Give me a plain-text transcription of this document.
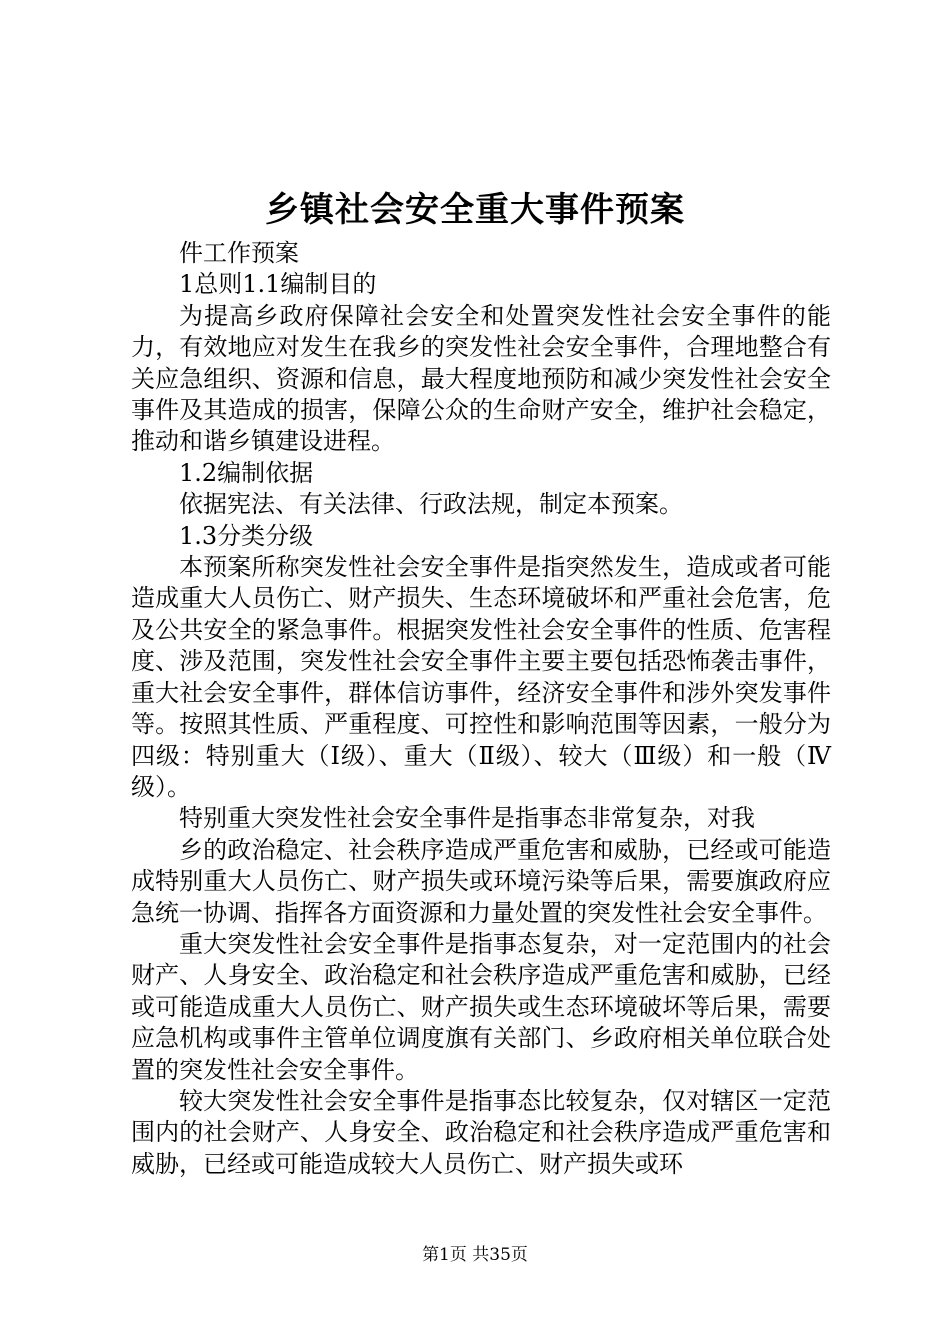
乡镇社会安全重大事件预案

件工作预案

1总则1.1编制目的

为提高乡政府保障社会安全和处置突发性社会安全事件的能力，有效地应对发生在我乡的突发性社会安全事件，合理地整合有关应急组织、资源和信息，最大程度地预防和减少突发性社会安全事件及其造成的损害，保障公众的生命财产安全，维护社会稳定，推动和谐乡镇建设进程。

1.2编制依据

依据宪法、有关法律、行政法规，制定本预案。

1.3分类分级

本预案所称突发性社会安全事件是指突然发生，造成或者可能造成重大人员伤亡、财产损失、生态环境破坏和严重社会危害，危及公共安全的紧急事件。根据突发性社会安全事件的性质、危害程度、涉及范围，突发性社会安全事件主要主要包括恐怖袭击事件，重大社会安全事件，群体信访事件，经济安全事件和涉外突发事件等。按照其性质、严重程度、可控性和影响范围等因素，一般分为四级：特别重大（Ⅰ级）、重大（Ⅱ级）、较大（Ⅲ级）和一般（Ⅳ级）。

特别重大突发性社会安全事件是指事态非常复杂，对我

乡的政治稳定、社会秩序造成严重危害和威胁，已经或可能造成特别重大人员伤亡、财产损失或环境污染等后果，需要旗政府应急统一协调、指挥各方面资源和力量处置的突发性社会安全事件。

重大突发性社会安全事件是指事态复杂，对一定范围内的社会财产、人身安全、政治稳定和社会秩序造成严重危害和威胁，已经或可能造成重大人员伤亡、财产损失或生态环境破坏等后果，需要应急机构或事件主管单位调度旗有关部门、乡政府相关单位联合处置的突发性社会安全事件。

较大突发性社会安全事件是指事态比较复杂，仅对辖区一定范围内的社会财产、人身安全、政治稳定和社会秩序造成严重危害和威胁，已经或可能造成较大人员伤亡、财产损失或环

第1页 共35页
